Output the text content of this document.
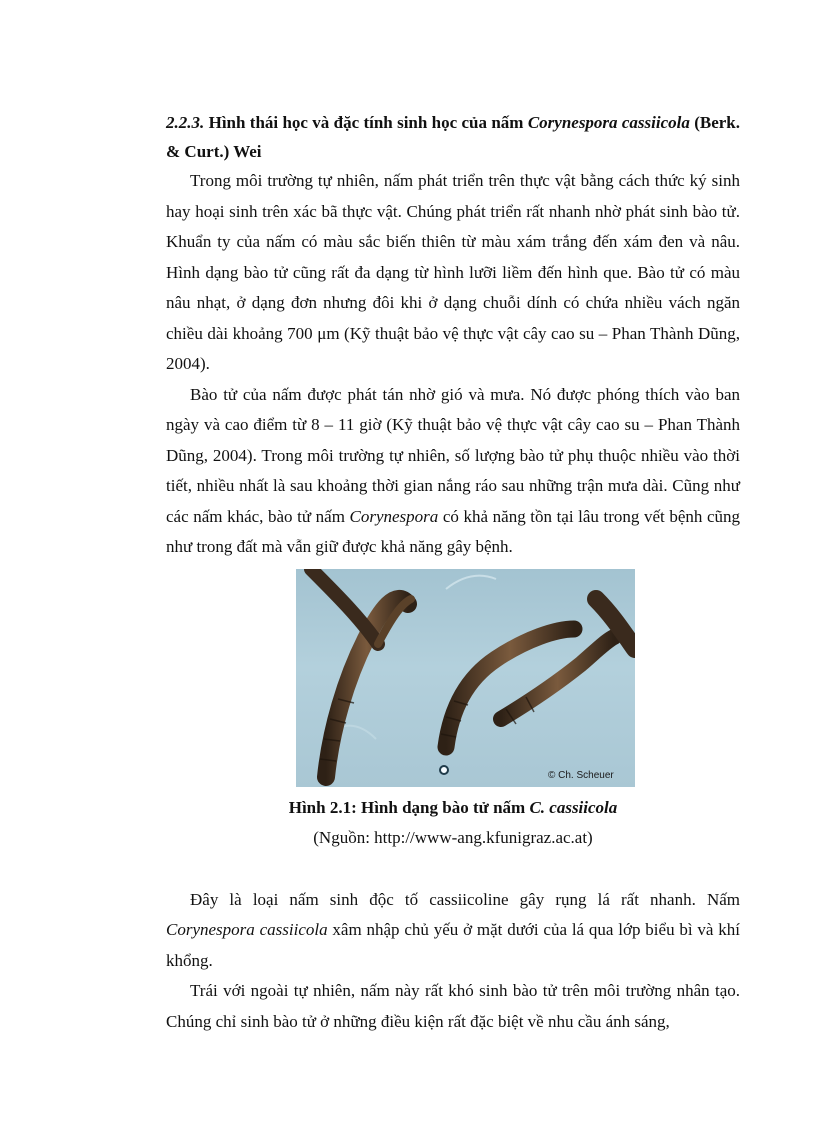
2.2.3. Hình thái học và đặc tính sinh học của nấm Corynespora cassiicola (Berk. & Curt.) Wei

Trong môi trường tự nhiên, nấm phát triển trên thực vật bằng cách thức ký sinh hay hoại sinh trên xác bã thực vật. Chúng phát triển rất nhanh nhờ phát sinh bào tử. Khuẩn ty của nấm có màu sắc biến thiên từ màu xám trắng đến xám đen và nâu. Hình dạng bào tử cũng rất đa dạng từ hình lưỡi liềm đến hình que. Bào tử có màu nâu nhạt, ở dạng đơn nhưng đôi khi ở dạng chuỗi dính có chứa nhiều vách ngăn chiều dài khoảng 700 μm (Kỹ thuật bảo vệ thực vật cây cao su – Phan Thành Dũng, 2004).

Bào tử của nấm được phát tán nhờ gió và mưa. Nó được phóng thích vào ban ngày và cao điểm từ 8 – 11 giờ (Kỹ thuật bảo vệ thực vật cây cao su – Phan Thành Dũng, 2004). Trong môi trường tự nhiên, số lượng bào tử phụ thuộc nhiều vào thời tiết, nhiều nhất là sau khoảng thời gian nắng ráo sau những trận mưa dài. Cũng như các nấm khác, bào tử nấm Corynespora có khả năng tồn tại lâu trong vết bệnh cũng như trong đất mà vẫn giữ được khả năng gây bệnh.

© Ch. Scheuer
Hình 2.1: Hình dạng bào tử nấm C. cassiicola
(Nguồn: http://www-ang.kfunigraz.ac.at)

Đây là loại nấm sinh độc tố cassiicoline gây rụng lá rất nhanh. Nấm Corynespora cassiicola xâm nhập chủ yếu ở mặt dưới của lá qua lớp biểu bì và khí khổng.

Trái với ngoài tự nhiên, nấm này rất khó sinh bào tử trên môi trường nhân tạo. Chúng chỉ sinh bào tử ở những điều kiện rất đặc biệt về nhu cầu ánh sáng,
